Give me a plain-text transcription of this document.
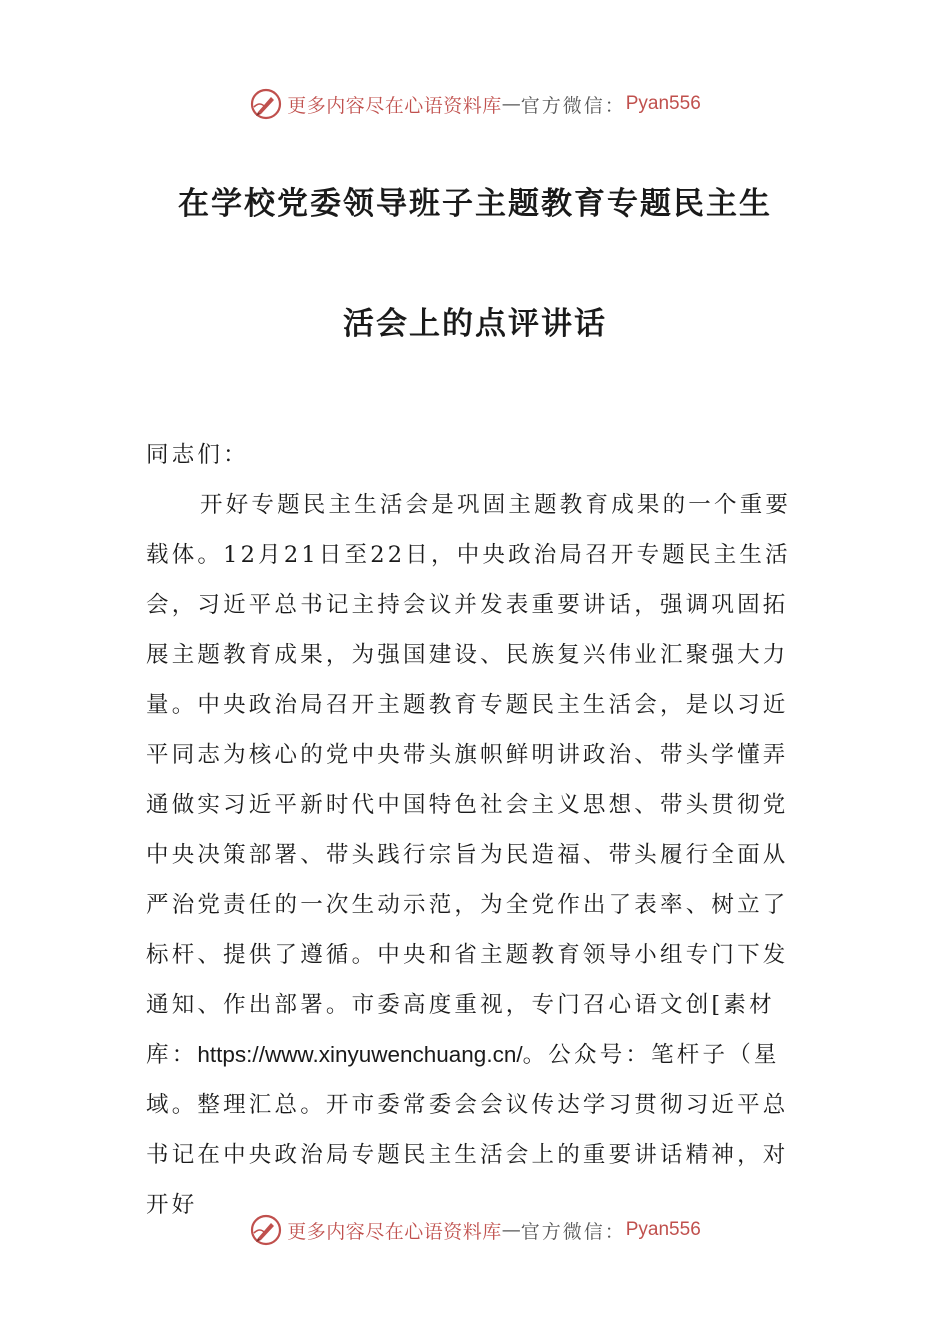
更多内容尽在心语资料库 — 官方微信： Pyan556
在学校党委领导班子主题教育专题民主生
活会上的点评讲话

同志们：

开好专题民主生活会是巩固主题教育成果的一个重要载体。12月21日至22日，中央政治局召开专题民主生活会，习近平总书记主持会议并发表重要讲话，强调巩固拓展主题教育成果，为强国建设、民族复兴伟业汇聚强大力量。中央政治局召开主题教育专题民主生活会，是以习近平同志为核心的党中央带头旗帜鲜明讲政治、带头学懂弄通做实习近平新时代中国特色社会主义思想、带头贯彻党中央决策部署、带头践行宗旨为民造福、带头履行全面从严治党责任的一次生动示范，为全党作出了表率、树立了标杆、提供了遵循。中央和省主题教育领导小组专门下发通知、作出部署。市委高度重视，专门召心语文创[素材库：https://www.xinyuwenchuang.cn/。公众号：笔杆子（星域。整理汇总。开市委常委会会议传达学习贯彻习近平总书记在中央政治局专题民主生活会上的重要讲话精神，对开好

更多内容尽在心语资料库 — 官方微信： Pyan556
